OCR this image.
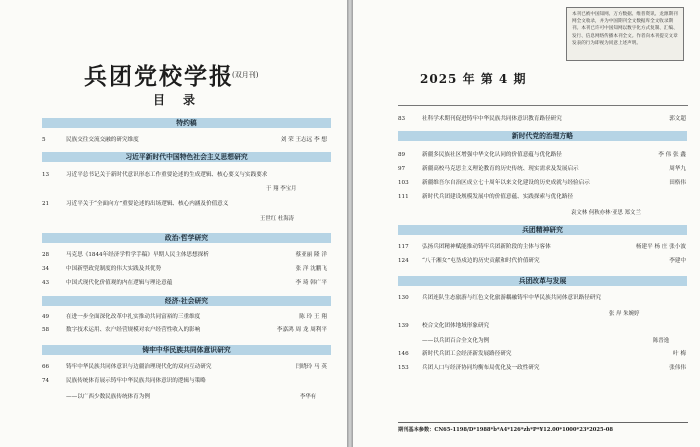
兵团党校学报
(双月刊)
目录
特约稿
5	民族交往交流交融的研究维度	刘 荣 王志远 李 想
习近平新时代中国特色社会主义思想研究
13	习近平总书记关于新时代意识形态工作重要论述的生成逻辑、核心要义与实践要求
于 翔 李宝月
21	习近平关于“全面向方”重要论述的出场逻辑、核心内涵及价值意义
王世红 杜海涛
政治·哲学研究
28	马克思《1844年经济学哲学手稿》早期人民主体思想探析	蔡亚丽 隆 洋
34	中国新型政党制度的伟大实践及其优势	张 洋 沈鹏飞
43	中国式现代化价值观的内在逻辑与理论意蕴	李 琦 韩广平
经济·社会研究
49	在进一步全面深化改革中扎实推动共同富裕的三重维度	陈 玲 王 翔
58	数字技术运用、农户经营规模对农户经营性收入的影响	李嘉鸿 周 龙 周利平
铸牢中华民族共同体意识研究
66	铸牢中华民族共同体意识与边疆治理现代化的双向互动研究	闫晓玲 马 英
74	民族传统体育展示铸牢中华民族共同体意识的逻辑与策略
——以广西少数民族传统体育为例	李华有
本刊已被中国知网、万方数据、维普资讯、龙源期刊网全文收录，并为中国期刊全文数据库全文收录期刊。本刊已许可中国知网以数字化方式复制、汇编、发行、信息网络传播本刊全文。作者向本刊提交文章发表的行为即视为同意上述声明。
2025 年 第 4 期
83	社科学术期刊促进铸牢中华民族共同体意识教育路径研究	郭文超
新时代党的治理方略
89	新疆多民族社区增强中华文化认同的价值意蕴与优化路径	李 伟 张 鑫
97	新疆高校马克思主义理论教育的历史传统、现实需求及发展启示	周华九
103 新疆维吾尔自治区成立七十周年以来文化建设的历史成就与经验启示	田格伟
111 新时代兵团建设规模发展中的价值意蕴、实践探索与优化路径
袁文林 何秋亦林·亚思 郑文兰
兵团精神研究
117 弘扬兵团精神赋能推动铸牢兵团新阶段的主体与客体	杨建平 杨 庄 张小波
124 “八千湘女”屯垦戍边的历史贡献和时代价值研究	李建中
兵团改革与发展
130 兵团连队生态旅游与红色文化旅游耦融铸牢中华民族共同体意识路径研究
张 岸 朱婉婷
139 校合文化团体地域形象研究
——以兵团百合全文化为例	陈晋逸
146 新时代兵团工会经济新发展路径研究	叶 梅
153 兵团人口与经济协同均衡布局优化及一政性研究	张伟伟
期刊基本参数：CN65-1198/D*1988*b*A4*126*zh*P*¥12.00*1000*23*2025-08
